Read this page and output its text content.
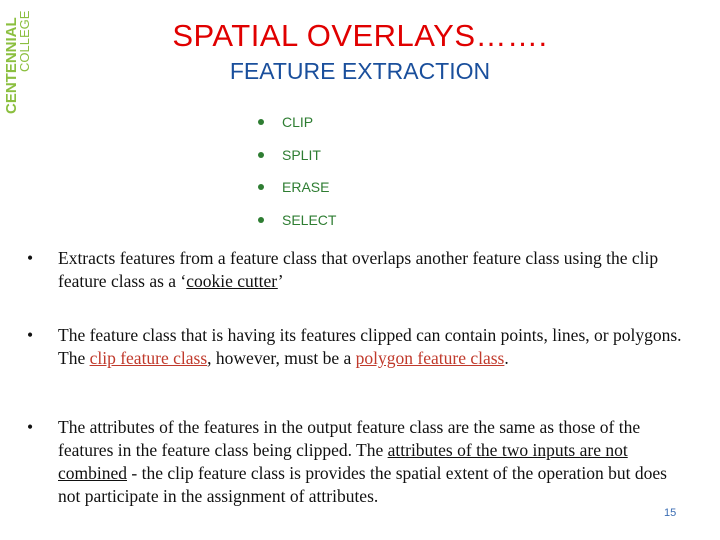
CENTENNIAL
COLLEGE	SPATIAL OVERLAYS…….
FEATURE EXTRACTION
CLIP
SPLIT
ERASE
SELECT

• Extracts features from a feature class that overlaps another feature class using the clip feature class as a ‘cookie cutter’

• The feature class that is having its features clipped can contain points, lines, or polygons. The clip feature class, however, must be a polygon feature class.

• The attributes of the features in the output feature class are the same as those of the features in the feature class being clipped. The attributes of the two inputs are not combined - the clip feature class is provides the spatial extent of the operation but does not participate in the assignment of attributes.

15
